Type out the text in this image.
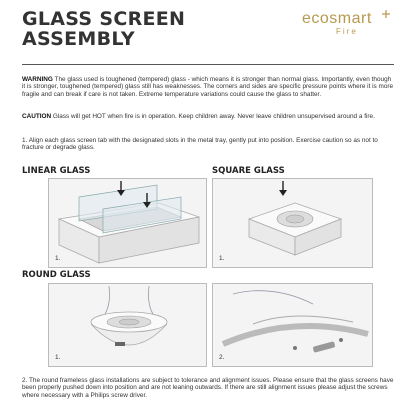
GLASS SCREEN
ASSEMBLY
ecosmart
Fire
WARNING The glass used is toughened (tempered) glass - which means it is stronger than normal glass. Importantly, even though it is stronger, toughened (tempered) glass still has weaknesses. The corners and sides are specific pressure points where it is more fragile and can break if care is not taken. Extreme temperature variations could cause the glass to shatter.
CAUTION Glass will get HOT when fire is in operation. Keep children away. Never leave children unsupervised around a fire.
1. Align each glass screen tab with the designated slots in the metal tray, gently put into position. Exercise caution so as not to fracture or degrade glass.
LINEAR GLASS	SQUARE GLASS
1.	1.
ROUND GLASS
1.	2.
2. The round frameless glass installations are subject to tolerance and alignment issues. Please ensure that the glass screens have been properly pushed down into position and are not leaning outwards. If there are still alignment issues please adjust the screws where necessary with a Philips screw driver.
